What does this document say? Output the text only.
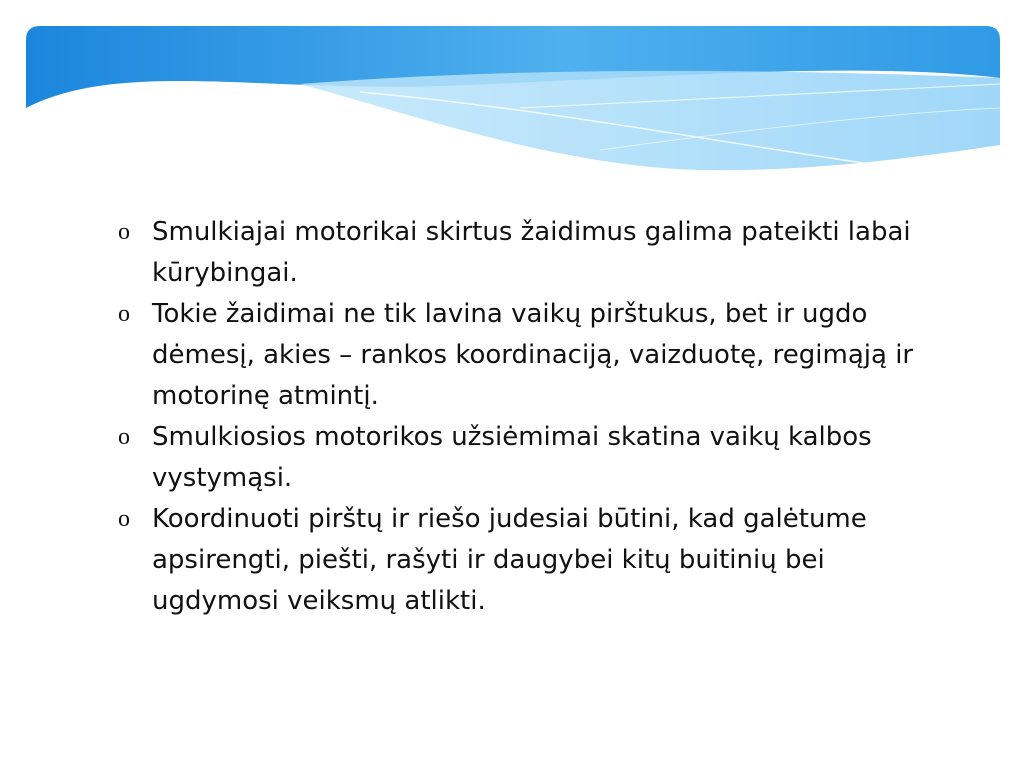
o Smulkiajai motorikai skirtus žaidimus galima pateikti labai kūrybingai.
o Tokie žaidimai ne tik lavina vaikų pirštukus, bet ir ugdo dėmesį, akies – rankos koordinaciją, vaizduotę, regimąją ir motorinę atmintį.
o Smulkiosios motorikos užsiėmimai skatina vaikų kalbos vystymąsi.
o Koordinuoti pirštų ir riešo judesiai būtini, kad galėtume apsirengti, piešti, rašyti ir daugybei kitų buitinių bei ugdymosi veiksmų atlikti.
